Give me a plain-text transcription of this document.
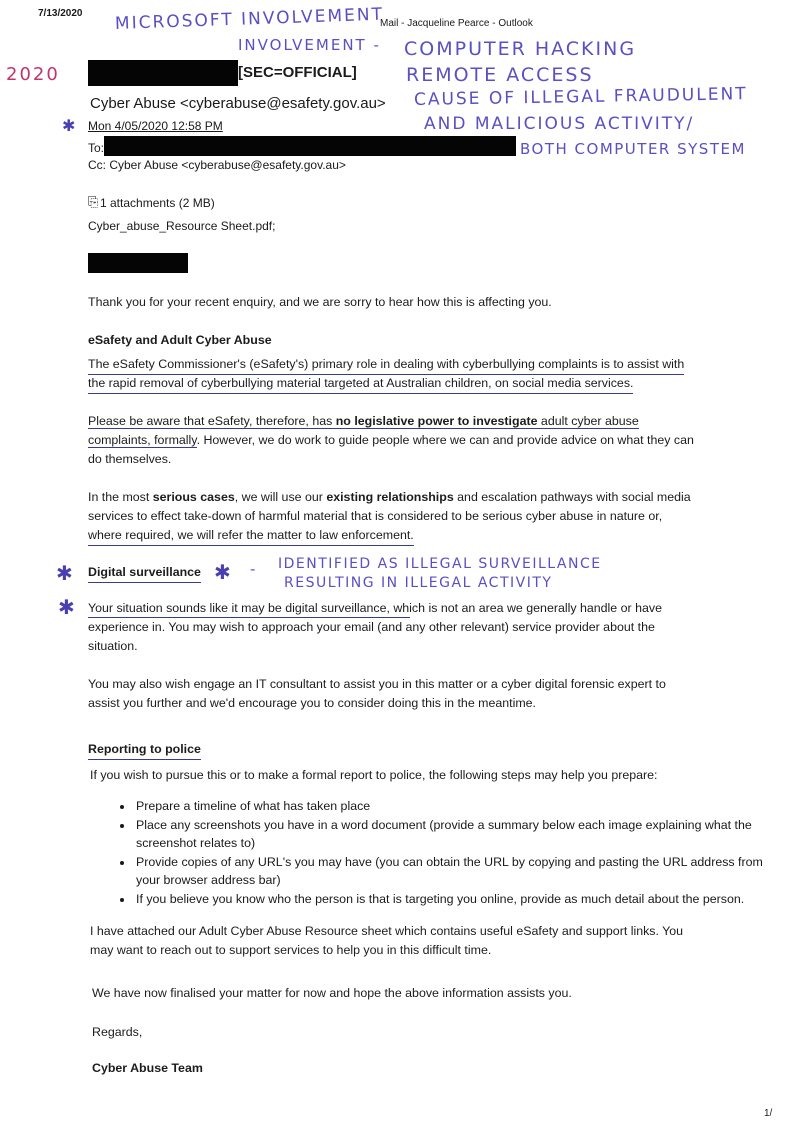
7/13/2020
Mail - Jacqueline Pearce - Outlook
MICROSOFT INVOLVEMENT
INVOLVEMENT -
2020
COMPUTER HACKING
REMOTE ACCESS
CAUSE OF ILLEGAL FRAUDULENT
AND MALICIOUS ACTIVITY/
BOTH COMPUTER SYSTEM
[SEC=OFFICIAL]
Cyber Abuse <cyberabuse@esafety.gov.au>
✱ Mon 4/05/2020 12:58 PM
To:
Cc: Cyber Abuse <cyberabuse@esafety.gov.au>
⎘ 1 attachments (2 MB)
Cyber_abuse_Resource Sheet.pdf;
Thank you for your recent enquiry, and we are sorry to hear how this is affecting you.
eSafety and Adult Cyber Abuse
The eSafety Commissioner's (eSafety's) primary role in dealing with cyberbullying complaints is to assist with
the rapid removal of cyberbullying material targeted at Australian children, on social media services.
Please be aware that eSafety, therefore, has no legislative power to investigate adult cyber abuse
complaints, formally. However, we do work to guide people where we can and provide advice on what they can
do themselves.
In the most serious cases, we will use our existing relationships and escalation pathways with social media
services to effect take-down of harmful material that is considered to be serious cyber abuse in nature or,
where required, we will refer the matter to law enforcement.
✱ Digital surveillance ✱ - IDENTIFIED AS ILLEGAL SURVEILLANCE
RESULTING IN ILLEGAL ACTIVITY
✱ Your situation sounds like it may be digital surveillance, which is not an area we generally handle or have
experience in. You may wish to approach your email (and any other relevant) service provider about the
situation.
You may also wish engage an IT consultant to assist you in this matter or a cyber digital forensic expert to
assist you further and we'd encourage you to consider doing this in the meantime.
Reporting to police
If you wish to pursue this or to make a formal report to police, the following steps may help you prepare:
• Prepare a timeline of what has taken place
• Place any screenshots you have in a word document (provide a summary below each image explaining what the screenshot relates to)
• Provide copies of any URL's you may have (you can obtain the URL by copying and pasting the URL address from your browser address bar)
• If you believe you know who the person is that is targeting you online, provide as much detail about the person.
I have attached our Adult Cyber Abuse Resource sheet which contains useful eSafety and support links. You
may want to reach out to support services to help you in this difficult time.
We have now finalised your matter for now and hope the above information assists you.
Regards,
Cyber Abuse Team
1/
